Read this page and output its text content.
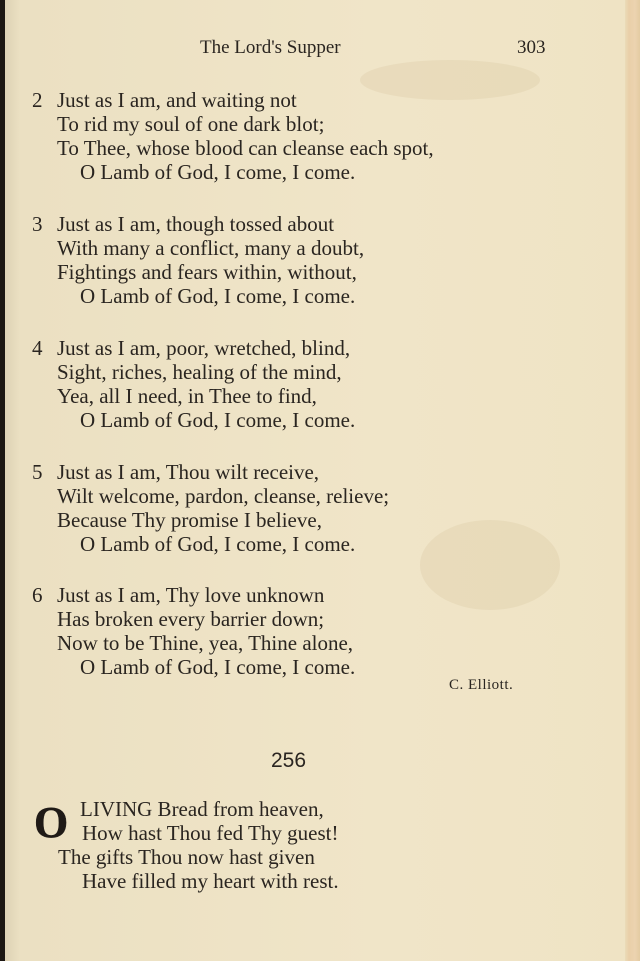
The Lord's Supper	303
2 Just as I am, and waiting not
To rid my soul of one dark blot;
To Thee, whose blood can cleanse each spot,
O Lamb of God, I come, I come.
3 Just as I am, though tossed about
With many a conflict, many a doubt,
Fightings and fears within, without,
O Lamb of God, I come, I come.
4 Just as I am, poor, wretched, blind,
Sight, riches, healing of the mind,
Yea, all I need, in Thee to find,
O Lamb of God, I come, I come.
5 Just as I am, Thou wilt receive,
Wilt welcome, pardon, cleanse, relieve;
Because Thy promise I believe,
O Lamb of God, I come, I come.
6 Just as I am, Thy love unknown
Has broken every barrier down;
Now to be Thine, yea, Thine alone,
O Lamb of God, I come, I come.
C. Elliott.
256
O LIVING Bread from heaven,
How hast Thou fed Thy guest!
The gifts Thou now hast given
Have filled my heart with rest.
